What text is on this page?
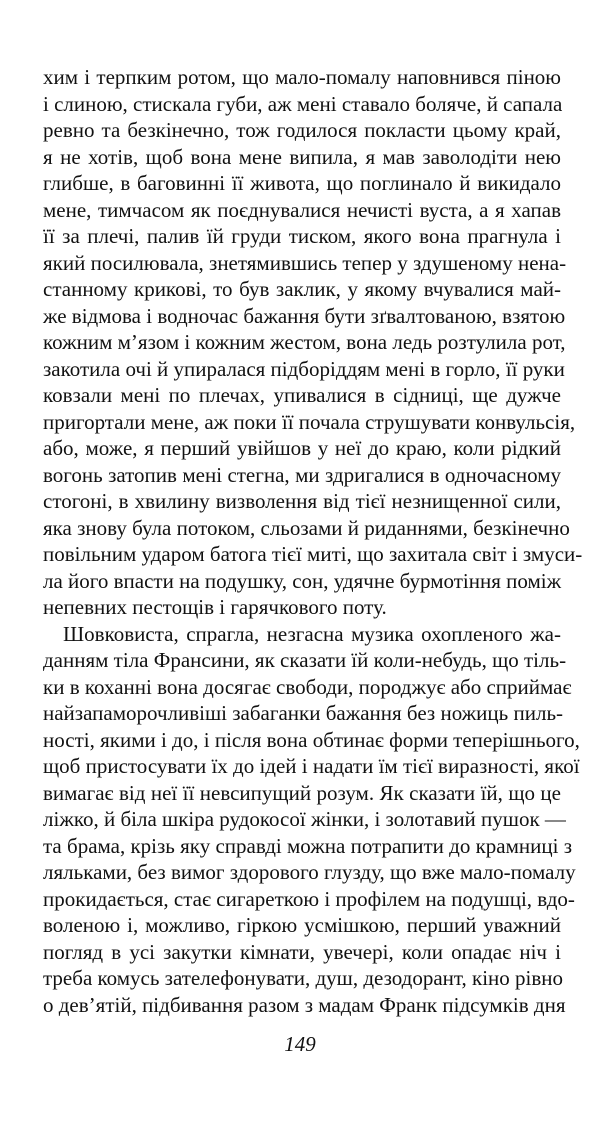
хим і терпким ротом, що мало-помалу наповнився піною
і слиною, стискала губи, аж мені ставало боляче, й сапала
ревно та безкінечно, тож годилося покласти цьому край,
я не хотів, щоб вона мене випила, я мав заволодіти нею
глибше, в баговинні її живота, що поглинало й викидало
мене, тимчасом як поєднувалися нечисті вуста, а я хапав
її за плечі, палив їй груди тиском, якого вона прагнула і
який посилювала, знетямившись тепер у здушеному нена-
станному крикові, то був заклик, у якому вчувалися май-
же відмова і водночас бажання бути зґвалтованою, взятою
кожним м’язом і кожним жестом, вона ледь розтулила рот,
закотила очі й упиралася підборіддям мені в горло, її руки
ковзали мені по плечах, упивалися в сідниці, ще дужче
пригортали мене, аж поки її почала струшувати конвульсія,
або, може, я перший увійшов у неї до краю, коли рідкий
вогонь затопив мені стегна, ми здригалися в одночасному
стогоні, в хвилину визволення від тієї незнищенної сили,
яка знову була потоком, сльозами й риданнями, безкінечно
повільним ударом батога тієї миті, що захитала світ і змуси-
ла його впасти на подушку, сон, удячне бурмотіння поміж
непевних пестощів і гарячкового поту.
Шовковиста, спрагла, незгасна музика охопленого жа-
данням тіла Франсини, як сказати їй коли-небудь, що тіль-
ки в коханні вона досягає свободи, породжує або сприймає
найзапаморочливіші забаганки бажання без ножиць пиль-
ності, якими і до, і після вона обтинає форми теперішнього,
щоб пристосувати їх до ідей і надати їм тієї виразності, якої
вимагає від неї її невсипущий розум. Як сказати їй, що це
ліжко, й біла шкіра рудокосої жінки, і золотавий пушок —
та брама, крізь яку справді можна потрапити до крамниці з
ляльками, без вимог здорового глузду, що вже мало-помалу
прокидається, стає сигареткою і профілем на подушці, вдо-
воленою і, можливо, гіркою усмішкою, перший уважний
погляд в усі закутки кімнати, увечері, коли опадає ніч і
треба комусь зателефонувати, душ, дезодорант, кіно рівно
о дев’ятій, підбивання разом з мадам Франк підсумків дня
149
